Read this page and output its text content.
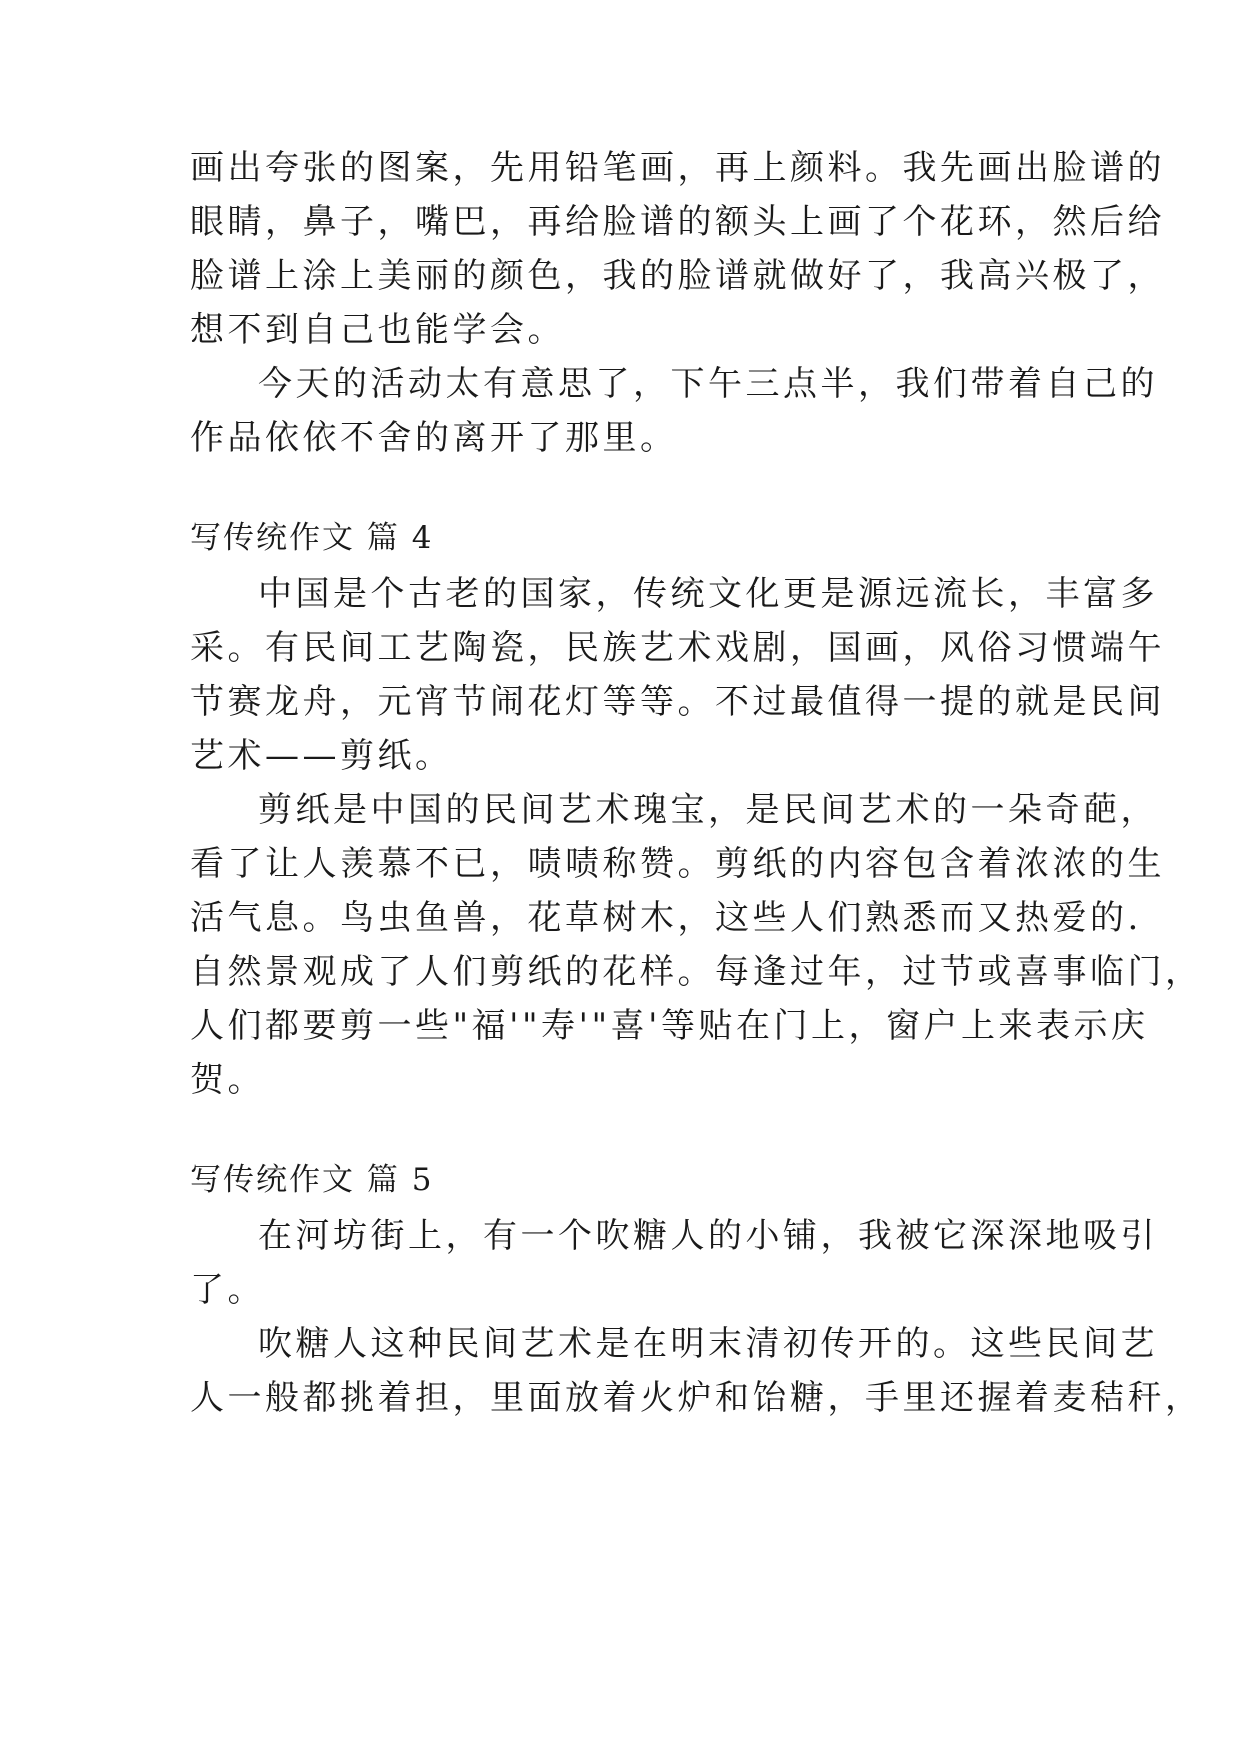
画出夸张的图案，先用铅笔画，再上颜料。我先画出脸谱的
眼睛，鼻子，嘴巴，再给脸谱的额头上画了个花环，然后给
脸谱上涂上美丽的颜色，我的脸谱就做好了，我高兴极了，
想不到自己也能学会。
今天的活动太有意思了，下午三点半，我们带着自己的
作品依依不舍的离开了那里。
写传统作文 篇 4
中国是个古老的国家，传统文化更是源远流长，丰富多
采。有民间工艺陶瓷，民族艺术戏剧，国画，风俗习惯端午
节赛龙舟，元宵节闹花灯等等。不过最值得一提的就是民间
艺术——剪纸。
剪纸是中国的民间艺术瑰宝，是民间艺术的一朵奇葩，
看了让人羡慕不已，啧啧称赞。剪纸的内容包含着浓浓的生
活气息。鸟虫鱼兽，花草树木，这些人们熟悉而又热爱的.
自然景观成了人们剪纸的花样。每逢过年，过节或喜事临门，
人们都要剪一些"福'"寿'"喜'等贴在门上，窗户上来表示庆
贺。
写传统作文 篇 5
在河坊街上，有一个吹糖人的小铺，我被它深深地吸引
了。
吹糖人这种民间艺术是在明末清初传开的。这些民间艺
人一般都挑着担，里面放着火炉和饴糖，手里还握着麦秸秆，
